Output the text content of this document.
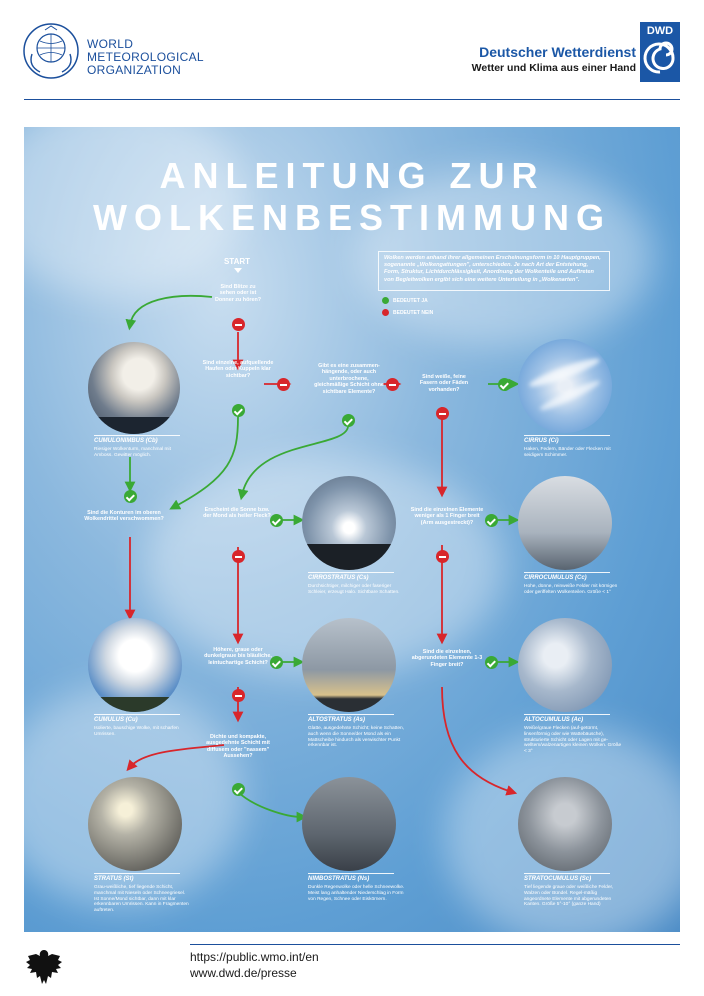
WORLD
METEOROLOGICAL
ORGANIZATION
Deutscher Wetterdienst
Wetter und Klima aus einer Hand
DWD
ANLEITUNG ZUR
WOLKENBESTIMMUNG
Wolken werden anhand ihrer allgemeinen Erscheinungsform in 10 Hauptgruppen, sogenannte „Wolkengattungen", unterschieden. Je nach Art der Entstehung, Form, Struktur, Lichtdurchlässigkeit, Anordnung der Wolkenteile und Auftreten von Begleitwolken ergibt sich eine weitere Unterteilung in „Wolkenarten".
BEDEUTET JA
BEDEUTET NEIN
START
Sind Blitze zu sehen oder ist Donner zu hören?
Sind einzelne, aufquellende Haufen oder Kuppeln klar sichtbar?
Gibt es eine zusammen-hängende, oder auch unterbrochene, gleichmäßige Schicht ohne sichtbare Elemente?
Sind weiße, feine Fasern oder Fäden vorhanden?
Sind die Konturen im oberen Wolkendrittel verschwommen?
Erscheint die Sonne bzw. der Mond als heller Fleck?
Sind die einzelnen Elemente weniger als 1 Finger breit (Arm ausgestreckt)?
Höhere, graue oder dunkelgraue bis bläuliche, leintuchartige Schicht?
Sind die einzelnen, abgerundeten Elemente 1-3 Finger breit?
Dichte und kompakte, ausgedehnte Schicht mit diffusem oder "nassem" Aussehen?
CUMULONIMBUS (Cb)
Riesiger Wolkenturm, manchmal mit Amboss. Gewitter möglich.
CIRRUS (Ci)
Haken, Federn, Bänder oder Flecken mit seidigem Schimmer.
CIRROSTRATUS (Cs)
Durchsichtiger, milchiger oder faseriger Schleier, erzeugt Halo. Sichtbare Schatten.
CIRROCUMULUS (Cc)
Hohe, dünne, reinweiße Felder mit körnigen oder geriffelten Wolkenteilen. Größe < 1°
CUMULUS (Cu)
Isolierte, bauschige Wolke, mit scharfen Umrissen.
ALTOSTRATUS (As)
Glatte, ausgedehnte Schicht; keine Schatten, auch wenn die Sonne/der Mond als ein Mattscheibe hindurch als verwischter Punkt erkennbar ist.
ALTOCUMULUS (Ac)
Weiße/graue Flecken (auf-getürmt, linsenförmig oder wie Wattebäusche), strukturierte Schicht oder Lagen mit ge-welltem/walzenartigen kleinen Wolken. Größe < 3°
STRATUS (St)
Grau-weißliche, tief liegende Schicht, manchmal mit Nieseln oder Schneegriesel. Ist Sonne/Mond sichtbar, dann mit klar erkennbaren Umrissen. Kann in Fragmenten auftreten.
NIMBOSTRATUS (Ns)
Dunkle Regenwolke oder helle Schneewolke. Meist lang anhaltender Niederschlag in Form von Regen, Schnee oder Eiskörnern.
STRATOCUMULUS (Sc)
Tief liegende graue oder weißliche Felder, Walzen oder Bündel. Regel-mäßig angeordnete Elemente mit abgerundeten Kanten. Größe 5°-10° (ganze Hand)
https://public.wmo.int/en
www.dwd.de/presse
